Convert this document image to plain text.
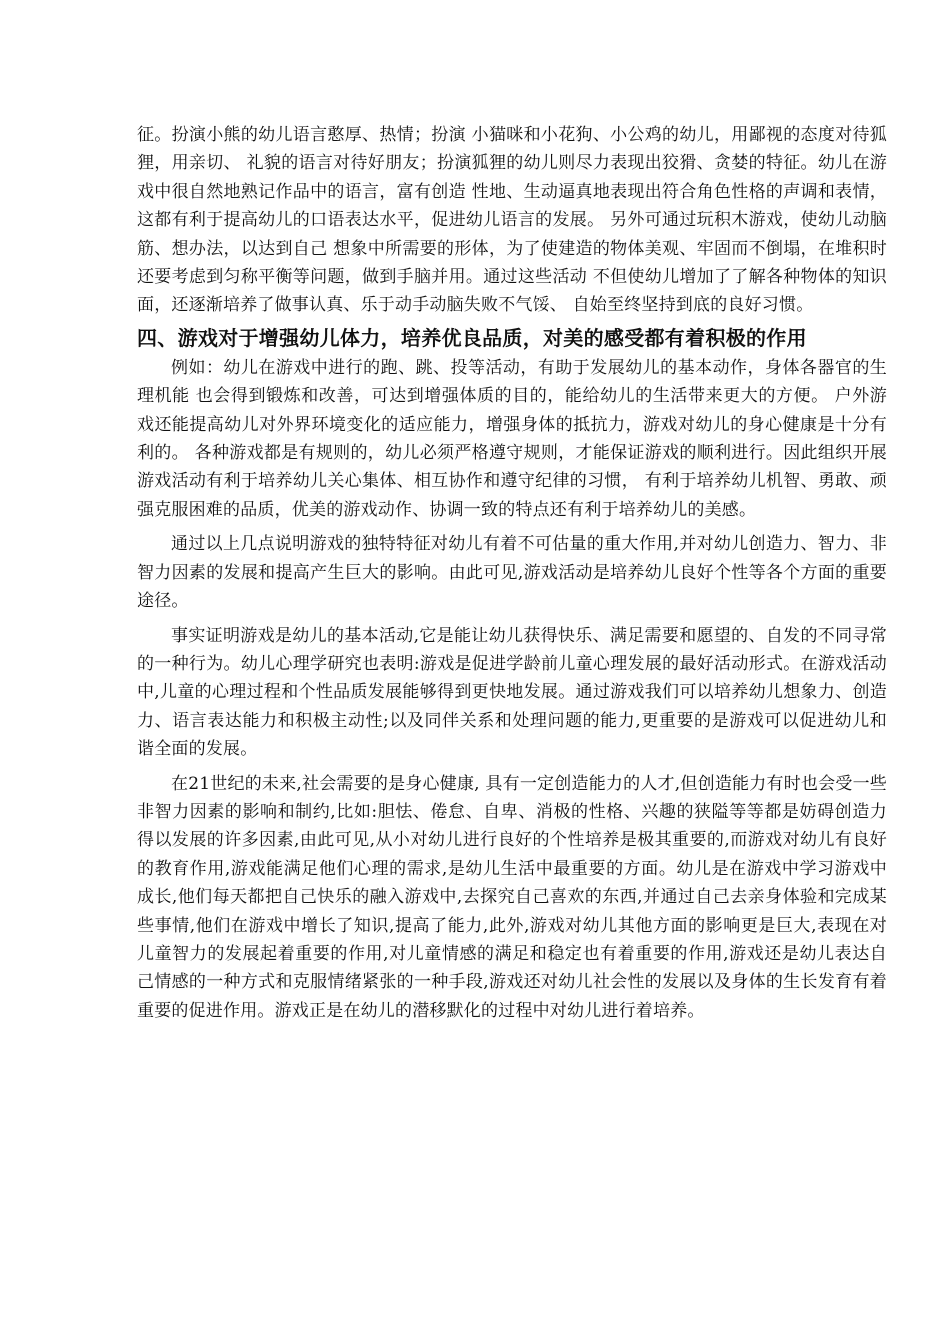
征。扮演小熊的幼儿语言憨厚、热情；扮演 小猫咪和小花狗、小公鸡的幼儿，用鄙视的态度对待狐狸，用亲切、 礼貌的语言对待好朋友；扮演狐狸的幼儿则尽力表现出狡猾、贪婪的特征。幼儿在游戏中很自然地熟记作品中的语言，富有创造 性地、生动逼真地表现出符合角色性格的声调和表情，这都有利于提高幼儿的口语表达水平，促进幼儿语言的发展。 另外可通过玩积木游戏，使幼儿动脑筋、想办法，以达到自己 想象中所需要的形体，为了使建造的物体美观、牢固而不倒塌，在堆积时还要考虑到匀称平衡等问题，做到手脑并用。通过这些活动 不但使幼儿增加了了解各种物体的知识面，还逐渐培养了做事认真、乐于动手动脑失败不气馁、 自始至终坚持到底的良好习惯。

四、游戏对于增强幼儿体力，培养优良品质，对美的感受都有着积极的作用

例如：幼儿在游戏中进行的跑、跳、投等活动，有助于发展幼儿的基本动作，身体各器官的生理机能 也会得到锻炼和改善，可达到增强体质的目的，能给幼儿的生活带来更大的方便。 户外游戏还能提高幼儿对外界环境变化的适应能力，增强身体的抵抗力，游戏对幼儿的身心健康是十分有利的。 各种游戏都是有规则的，幼儿必须严格遵守规则，才能保证游戏的顺利进行。因此组织开展游戏活动有利于培养幼儿关心集体、相互协作和遵守纪律的习惯， 有利于培养幼儿机智、勇敢、顽强克服困难的品质，优美的游戏动作、协调一致的特点还有利于培养幼儿的美感。

通过以上几点说明游戏的独特特征对幼儿有着不可估量的重大作用,并对幼儿创造力、智力、非智力因素的发展和提高产生巨大的影响。由此可见,游戏活动是培养幼儿良好个性等各个方面的重要途径。

事实证明游戏是幼儿的基本活动,它是能让幼儿获得快乐、满足需要和愿望的、自发的不同寻常的一种行为。幼儿心理学研究也表明:游戏是促进学龄前儿童心理发展的最好活动形式。在游戏活动中,儿童的心理过程和个性品质发展能够得到更快地发展。通过游戏我们可以培养幼儿想象力、创造力、语言表达能力和积极主动性;以及同伴关系和处理问题的能力,更重要的是游戏可以促进幼儿和谐全面的发展。

在21世纪的未来,社会需要的是身心健康, 具有一定创造能力的人才,但创造能力有时也会受一些非智力因素的影响和制约,比如:胆怯、倦怠、自卑、消极的性格、兴趣的狭隘等等都是妨碍创造力得以发展的许多因素,由此可见,从小对幼儿进行良好的个性培养是极其重要的,而游戏对幼儿有良好的教育作用,游戏能满足他们心理的需求,是幼儿生活中最重要的方面。幼儿是在游戏中学习游戏中成长,他们每天都把自己快乐的融入游戏中,去探究自己喜欢的东西,并通过自己去亲身体验和完成某些事情,他们在游戏中增长了知识,提高了能力,此外,游戏对幼儿其他方面的影响更是巨大,表现在对儿童智力的发展起着重要的作用,对儿童情感的满足和稳定也有着重要的作用,游戏还是幼儿表达自己情感的一种方式和克服情绪紧张的一种手段,游戏还对幼儿社会性的发展以及身体的生长发育有着重要的促进作用。游戏正是在幼儿的潜移默化的过程中对幼儿进行着培养。
